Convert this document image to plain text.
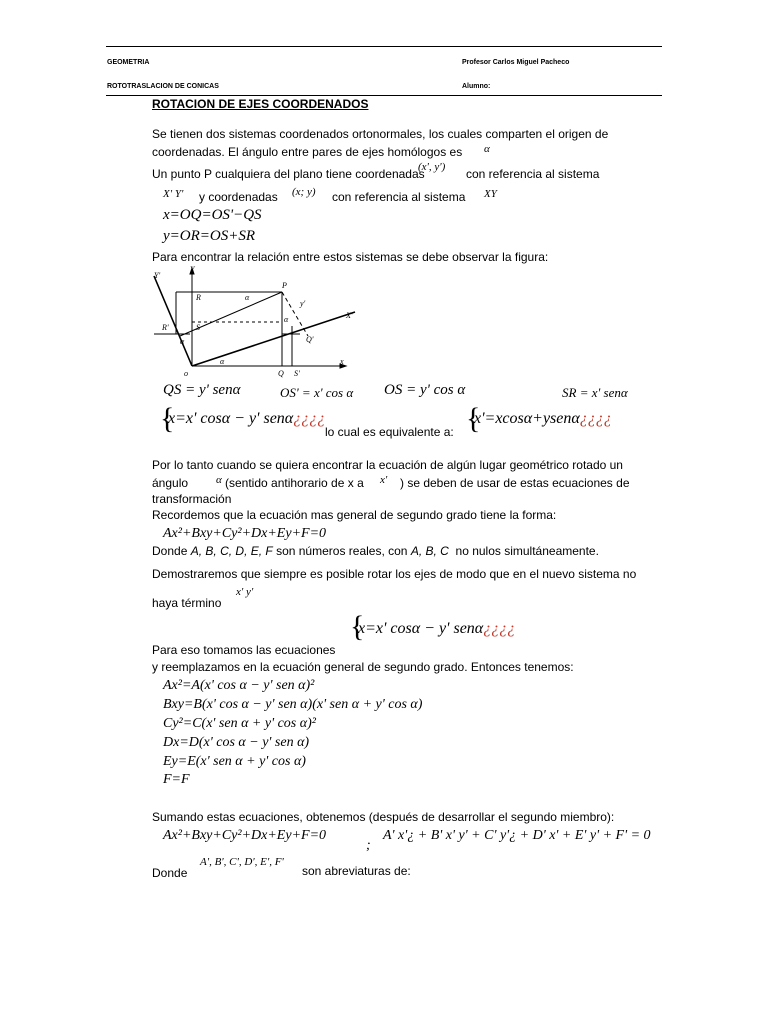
GEOMETRIA	Profesor Carlos Miguel Pacheco
ROTOTRASLACION DE CONICAS	Alumno:
ROTACION DE EJES COORDENADOS
Se tienen dos sistemas coordenados ortonormales, los cuales comparten el origen de
coordenadas. El ángulo entre pares de ejes homólogos es α
Un punto P cualquiera del plano tiene coordenadas
(x', y') con referencia al sistema
X' Y' y coordenadas (x; y) con referencia al sistema XY
x=OQ=OS'−QS
y=OR=OS+SR
Para encontrar la relación entre estos sistemas se debe observar la figura:
Y'
Y
P
R	α
y'
X'
S
R'
α
Q'
α
α	x
o	Q S'
QS = y' senα	OS' = x' cos α OS = y' cos α	SR = x' senα
{
x=x' cosα − y' senα¿¿¿¿
lo cual es equivalente a: {
x'=xcosα+ysenα¿¿¿¿
Por lo tanto cuando se quiera encontrar la ecuación de algún lugar geométrico rotado un
ángulo	α (sentido antihorario de x a x' ) se deben de usar de estas ecuaciones de
transformación
Recordemos que la ecuación mas general de segundo grado tiene la forma:
Ax²+Bxy+Cy²+Dx+Ey+F=0
Donde A, B, C, D, E, F son números reales, con A, B, C no nulos simultáneamente.
Demostraremos que siempre es posible rotar los ejes de modo que en el nuevo sistema no
haya término
x' y'
{
x=x' cosα − y' senα¿¿¿¿
Para eso tomamos las ecuaciones
y reemplazamos en la ecuación general de segundo grado. Entonces tenemos:
Ax²=A(x' cos α − y' sen α)²
Bxy=B(x' cos α − y' sen α)(x' sen α + y' cos α)
Cy²=C(x' sen α + y' cos α)²
Dx=D(x' cos α − y' sen α)
Ey=E(x' sen α + y' cos α)
F=F
Sumando estas ecuaciones, obtenemos (después de desarrollar el segundo miembro):
Ax²+Bxy+Cy²+Dx+Ey+F=0
;
A' x'¿ + B' x' y' + C' y'¿ + D' x' + E' y' + F' = 0
Donde
A', B', C', D', E', F'
son abreviaturas de:
